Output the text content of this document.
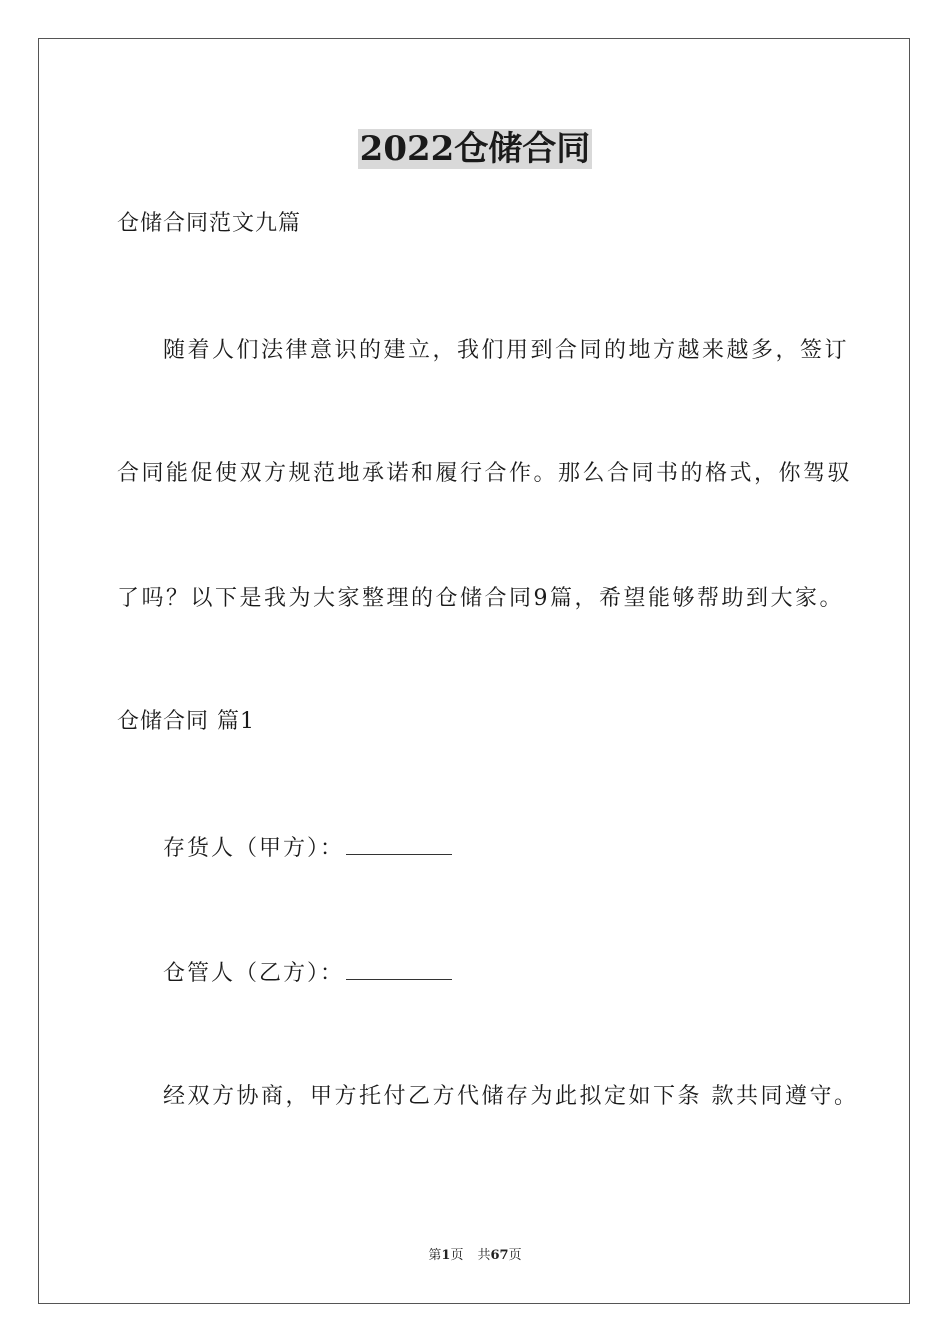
2022仓储合同
仓储合同范文九篇
随着人们法律意识的建立，我们用到合同的地方越来越多，签订
合同能促使双方规范地承诺和履行合作。那么合同书的格式，你驾驭
了吗？以下是我为大家整理的仓储合同9篇，希望能够帮助到大家。
仓储合同 篇1
存货人（甲方）：
仓管人（乙方）：
经双方协商，甲方托付乙方代储存为此拟定如下条 款共同遵守。
第1页 共67页
